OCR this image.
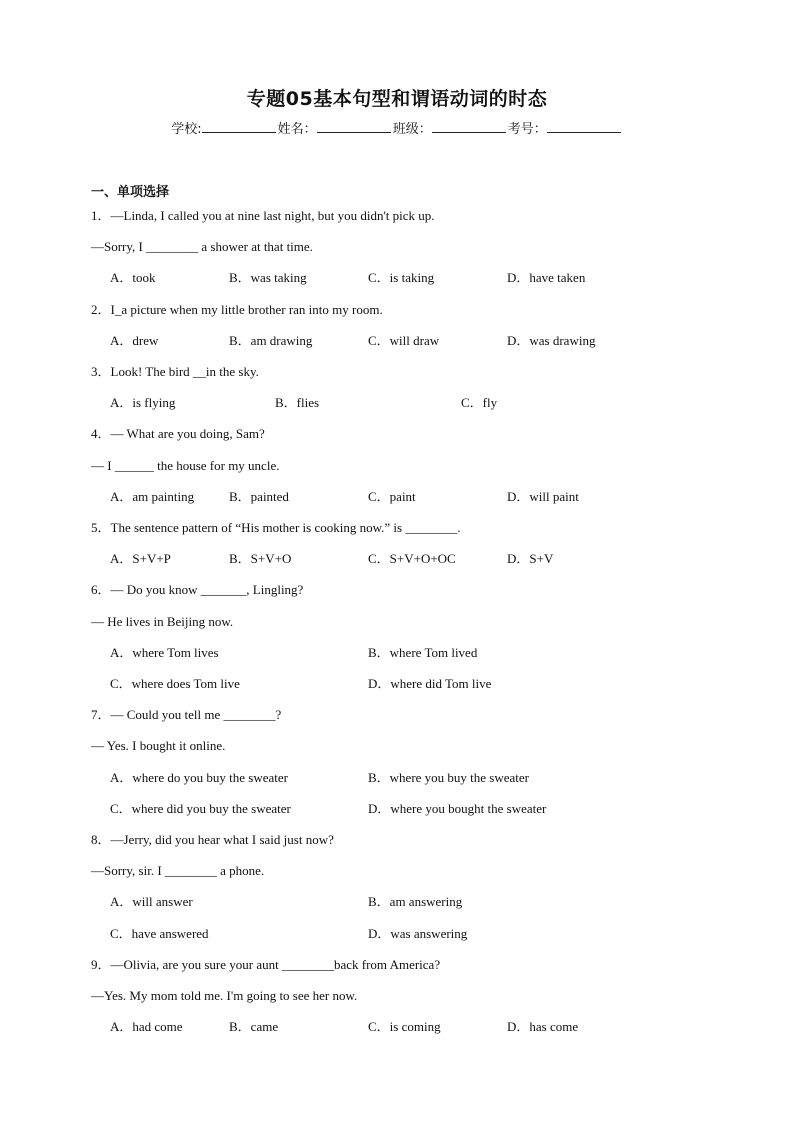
专题05基本句型和谓语动词的时态
学校:	姓名：	班级：	考号：
一、单项选择
1．—Linda, I called you at nine last night, but you didn't pick up.
—Sorry, I ________ a shower at that time.
A．took	B．was taking	C．is taking	D．have taken
2．I_a picture when my little brother ran into my room.
A．drew	B．am drawing	C．will draw	D．was drawing
3．Look! The bird __in the sky.
A．is flying	B．flies	C．fly
4．— What are you doing, Sam?
— I ______ the house for my uncle.
A．am painting	B．painted	C．paint	D．will paint
5．The sentence pattern of “His mother is cooking now.” is ________.
A．S+V+P	B．S+V+O	C．S+V+O+OC	D．S+V
6．— Do you know _______, Lingling?
— He lives in Beijing now.
A．where Tom lives	B．where Tom lived
C．where does Tom live	D．where did Tom live
7．— Could you tell me ________?
— Yes. I bought it online.
A．where do you buy the sweater	B．where you buy the sweater
C．where did you buy the sweater	D．where you bought the sweater
8．—Jerry, did you hear what I said just now?
—Sorry, sir. I ________ a phone.
A．will answer	B．am answering
C．have answered	D．was answering
9．—Olivia, are you sure your aunt ________back from America?
—Yes. My mom told me. I'm going to see her now.
A．had come	B．came	C．is coming	D．has come
